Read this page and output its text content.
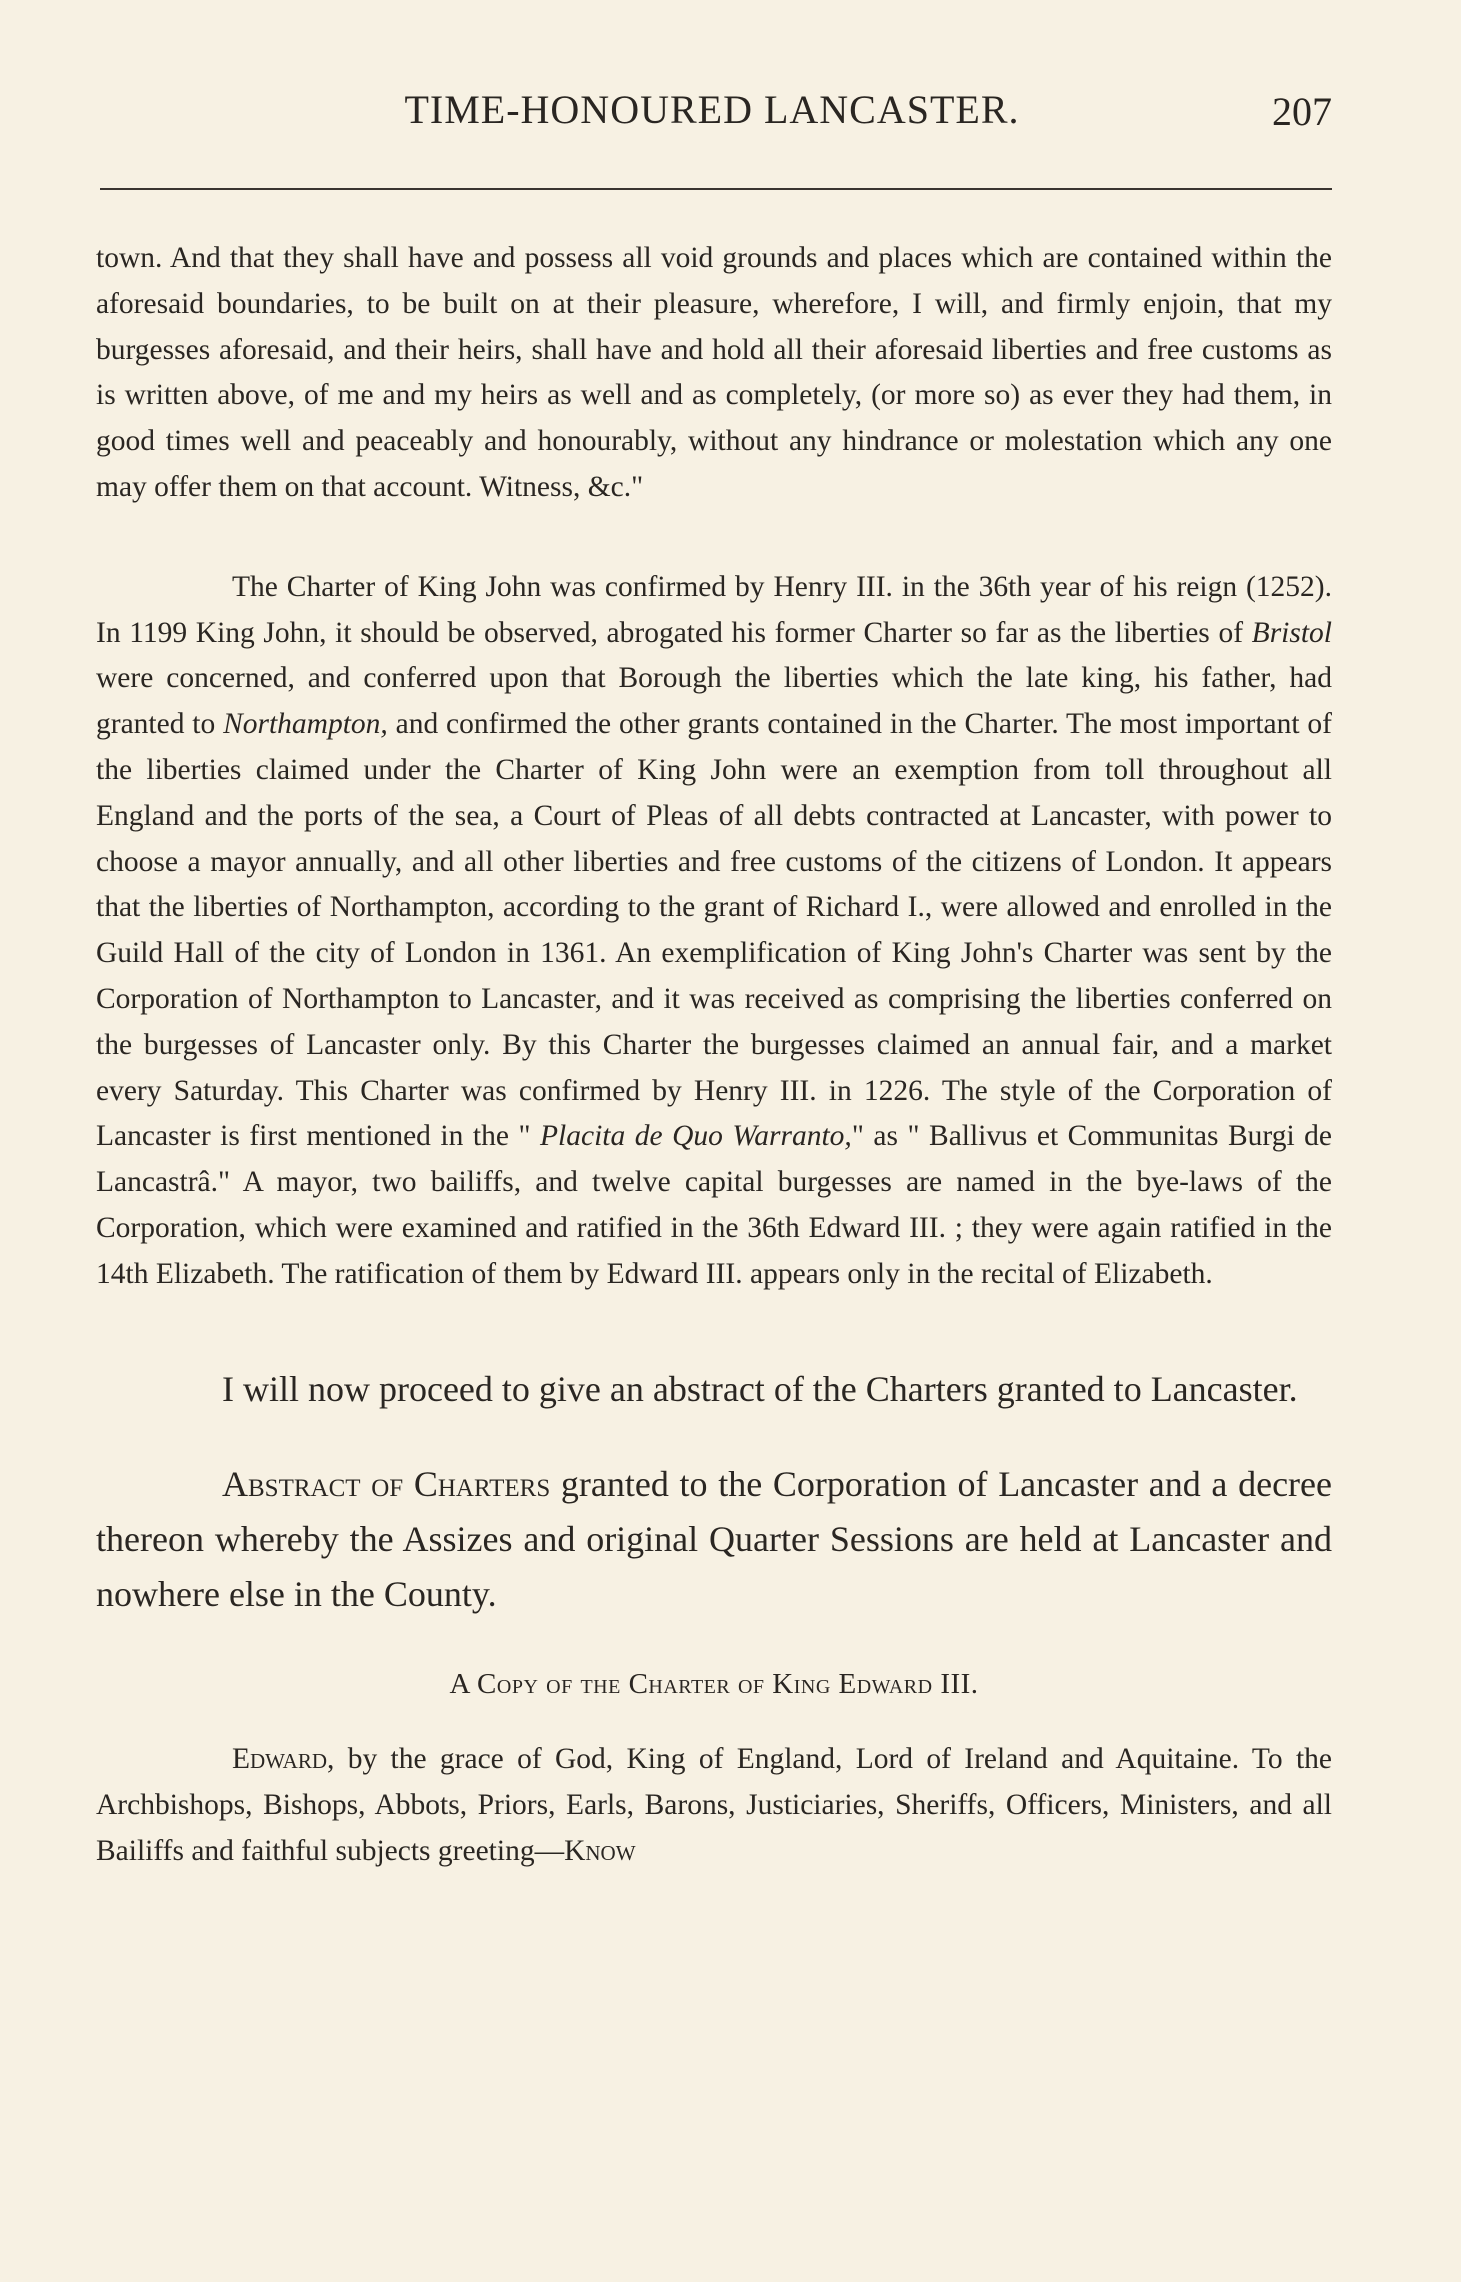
TIME-HONOURED LANCASTER.	207

town. And that they shall have and possess all void grounds and places which are contained within the aforesaid boundaries, to be built on at their pleasure, wherefore, I will, and firmly enjoin, that my burgesses aforesaid, and their heirs, shall have and hold all their aforesaid liberties and free customs as is written above, of me and my heirs as well and as completely, (or more so) as ever they had them, in good times well and peaceably and honourably, without any hindrance or molestation which any one may offer them on that account. Witness, &c."

The Charter of King John was confirmed by Henry III. in the 36th year of his reign (1252). In 1199 King John, it should be observed, abrogated his former Charter so far as the liberties of Bristol were concerned, and conferred upon that Borough the liberties which the late king, his father, had granted to Northampton, and confirmed the other grants contained in the Charter. The most important of the liberties claimed under the Charter of King John were an exemption from toll throughout all England and the ports of the sea, a Court of Pleas of all debts contracted at Lancaster, with power to choose a mayor annually, and all other liberties and free customs of the citizens of London. It appears that the liberties of Northampton, according to the grant of Richard I., were allowed and enrolled in the Guild Hall of the city of London in 1361. An exemplification of King John's Charter was sent by the Corporation of Northampton to Lancaster, and it was received as comprising the liberties conferred on the burgesses of Lancaster only. By this Charter the burgesses claimed an annual fair, and a market every Saturday. This Charter was confirmed by Henry III. in 1226. The style of the Corporation of Lancaster is first mentioned in the " Placita de Quo Warranto," as " Ballivus et Communitas Burgi de Lancastrâ." A mayor, two bailiffs, and twelve capital burgesses are named in the bye-laws of the Corporation, which were examined and ratified in the 36th Edward III. ; they were again ratified in the 14th Elizabeth. The ratification of them by Edward III. appears only in the recital of Elizabeth.

I will now proceed to give an abstract of the Charters granted to Lancaster.

Abstract of Charters granted to the Corporation of Lancaster and a decree thereon whereby the Assizes and original Quarter Sessions are held at Lancaster and nowhere else in the County.

A Copy of the Charter of King Edward III.

Edward, by the grace of God, King of England, Lord of Ireland and Aquitaine. To the Archbishops, Bishops, Abbots, Priors, Earls, Barons, Justiciaries, Sheriffs, Officers, Ministers, and all Bailiffs and faithful subjects greeting—Know
